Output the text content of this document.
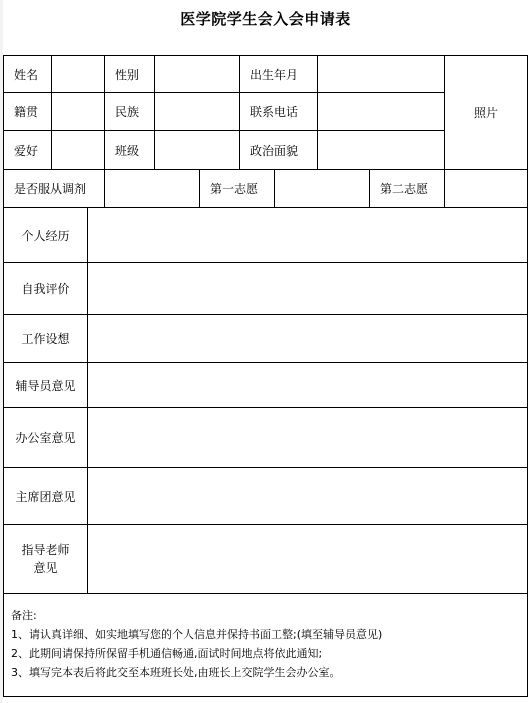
医学院学生会入会申请表
姓名	性别	出生年月
照片
籍贯	民族	联系电话
爱好	班级	政治面貌
是否服从调剂	第一志愿	第二志愿
个人经历
自我评价
工作设想
辅导员意见
办公室意见
主席团意见
指导老师
意见
备注:
1、请认真详细、如实地填写您的个人信息并保持书面工整;(填至辅导员意见)
2、此期间请保持所保留手机通信畅通,面试时间地点将依此通知;
3、填写完本表后将此交至本班班长处,由班长上交院学生会办公室。
